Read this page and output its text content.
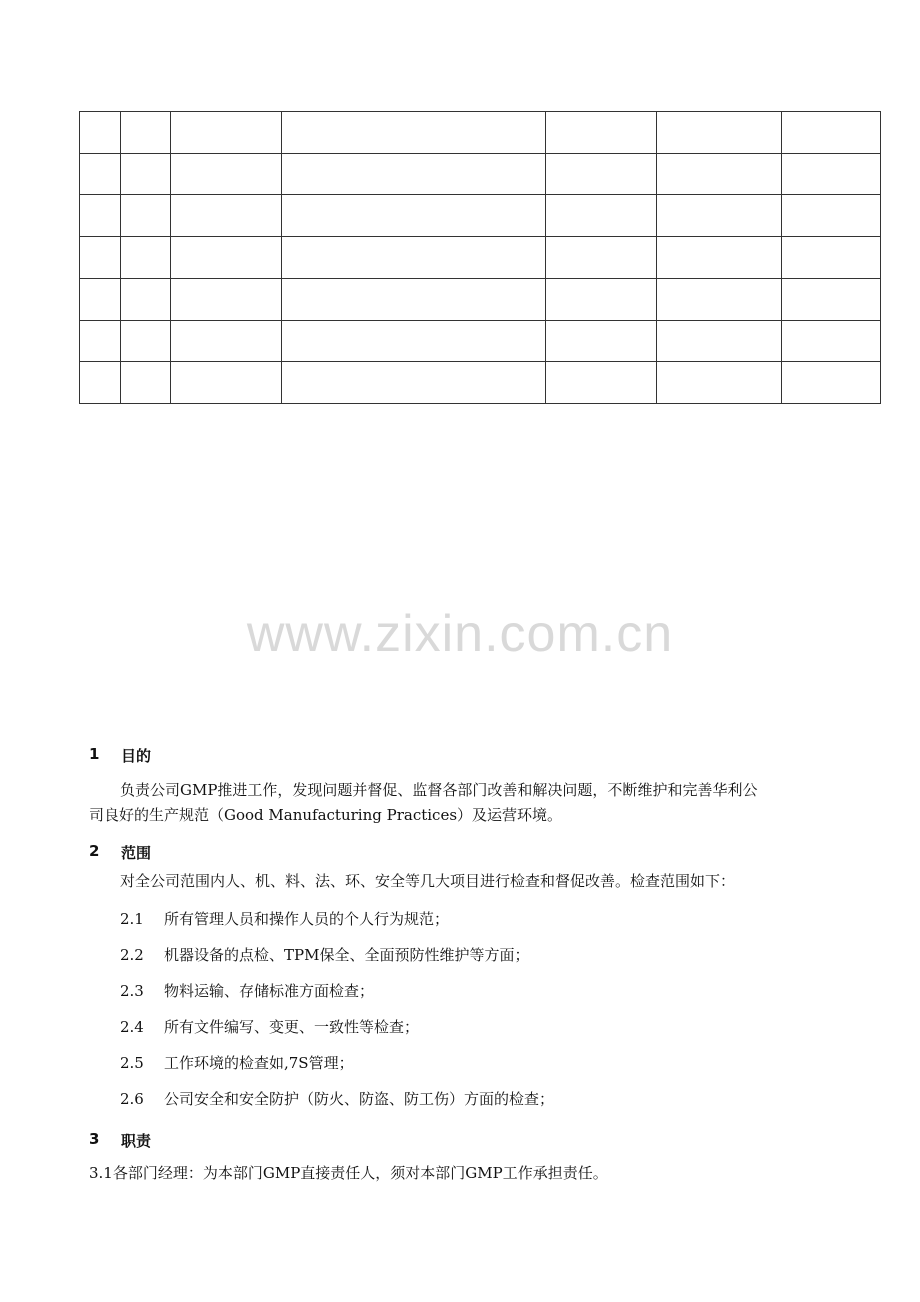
www.zixin.com.cn
1 目的
负责公司GMP推进工作，发现问题并督促、监督各部门改善和解决问题，不断维护和完善华利公
司良好的生产规范（Good Manufacturing Practices）及运营环境。
2 范围
对全公司范围内人、机、料、法、环、安全等几大项目进行检查和督促改善。检查范围如下：
2.1 所有管理人员和操作人员的个人行为规范；
2.2 机器设备的点检、TPM保全、全面预防性维护等方面；
2.3 物料运输、存储标准方面检查；
2.4 所有文件编写、变更、一致性等检查；
2.5 工作环境的检查如,7S管理；
2.6 公司安全和安全防护（防火、防盗、防工伤）方面的检查；
3 职责
3.1各部门经理：为本部门GMP直接责任人，须对本部门GMP工作承担责任。
